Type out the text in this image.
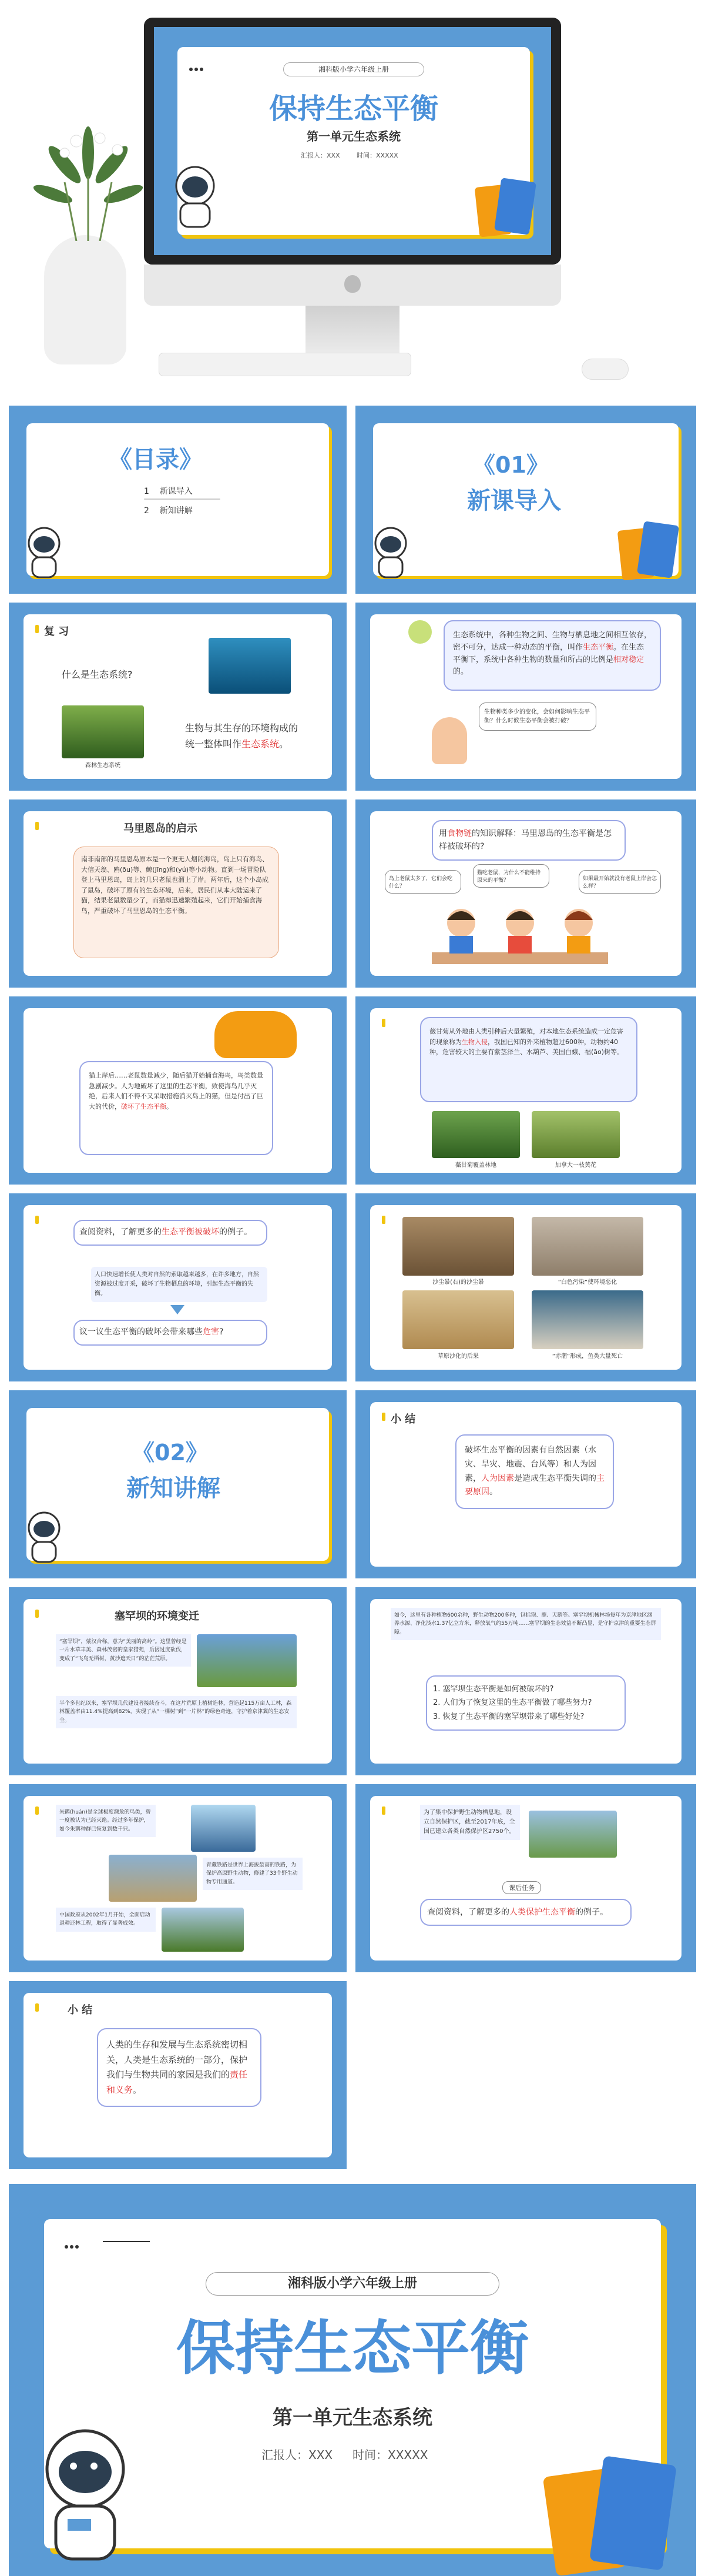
湘科版小学六年级上册
保持生态平衡
第一单元生态系统
汇报人：XXX	时间：XXXXX
《目录》
1 新课导入
2 新知讲解
《01》
新课导入
复 习
什么是生态系统?
森林生态系统
生物与其生存的环境构成的统一整体叫作生态系统。
生态系统中，各种生物之间、生物与栖息地之间相互依存，密不可分，达成一种动态的平衡，叫作生态平衡。在生态平衡下，系统中各种生物的数量和所占的比例是相对稳定的。
生物种类多少的变化，会如何影响生态平衡？什么时候生态平衡会被打破？
马里恩岛的启示
南非南部的马里恩岛原本是一个更无人烟的海岛，岛上只有海鸟、大信天翁、鸥(ōu)等、鲸(jīng)和(yú)等小动物。直到一场冒险队登上马里恩岛，岛上的几只老鼠也溜上了岸。两年后，这个小岛成了鼠岛，破坏了原有的生态环境，后来，居民们从本大陆运来了猫，结果老鼠数量少了，而猫却迅速繁殖起来，它们开始捕食海鸟，严重破坏了马里恩岛的生态平衡。
用食物链的知识解释：马里恩岛的生态平衡是怎样被破坏的?
岛上老鼠太多了，它们会吃什么？
猫吃老鼠，为什么不能维持原来的平衡？	如果最开始就没有老鼠上岸会怎么样？
猫上岸后……老鼠数量减少，随后猫开始捕食海鸟，鸟类数量急剧减少。人为地破坏了这里的生态平衡，致使海鸟几乎灭绝，后来人们不得不又采取措施消灭岛上的猫，但是付出了巨大的代价，破坏了生态平衡。
薇甘菊从外地由人类引种后大量繁殖，对本地生态系统造成一定危害的现象称为生物入侵，我国已知的外来植物超过600种，动物约40种，危害较大的主要有紫茎泽兰、水葫芦、美国白蛾、福(āo)树等。
薇甘菊覆盖林地	加拿大一枝黄花
查阅资料，了解更多的生态平衡被破坏的例子。
人口快速增长使人类对自然的索取越来越多，在许多地方，自然资源被过度开采，破坏了生物栖息的环境，引起生态平衡的失衡。
议一议生态平衡的破坏会带来哪些危害?
沙尘暴(右)的沙尘暴	“白色污染”使环境恶化
草原沙化的后果	“赤潮”形成，鱼类大量死亡
《02》
新知讲解
小 结
破坏生态平衡的因素有自然因素（水灾、旱灾、地震、台风等）和人为因素，人为因素是造成生态平衡失调的主要原因。
塞罕坝的环境变迁
“塞罕坝”，蒙汉合称，意为“美丽的高岭”。这里曾经是一片水草丰美、森林茂密的皇家猎苑，后因过度砍伐，变成了“飞鸟无栖树，黄沙遮天日”的茫茫荒原。
半个多世纪以来，塞罕坝几代建设者接续奋斗，在这片荒原上植树造林，营造起115万亩人工林，森林覆盖率由11.4%提高到82%，实现了从“一棵树”到“一片林”的绿色奇迹，守护着京津冀的生态安全。
如今，这里有各种植物600余种，野生动物200多种，包括狍、鹿、天鹅等。塞罕坝机械林场每年为京津地区涵养水源、净化淡水1.37亿立方米，释放氧气约55万吨……塞罕坝的生态效益不断凸显，是守护京津的重要生态屏障。
1. 塞罕坝生态平衡是如何被破坏的?
2. 人们为了恢复这里的生态平衡做了哪些努力?
3. 恢复了生态平衡的塞罕坝带来了哪些好处?
朱鹮(huán)是全球极度濒危的鸟类，曾一度被认为已经灭绝。经过多年保护，如今朱鹮种群已恢复到数千只。
青藏铁路是世界上海拔最高的铁路，为保护高原野生动物，修建了33个野生动物专用通道。
中国政府从2002年1月开始，全面启动退耕还林工程，取得了显著成效。
为了集中保护野生动物栖息地，设立自然保护区，截至2017年底，全国已建立各类自然保护区2750个。
课后任务
查阅资料，了解更多的人类保护生态平衡的例子。
小 结
人类的生存和发展与生态系统密切相关，人类是生态系统的一部分，保护我们与生物共同的家园是我们的责任和义务。
湘科版小学六年级上册
保持生态平衡
第一单元生态系统
汇报人：XXX 时间：XXXXX
